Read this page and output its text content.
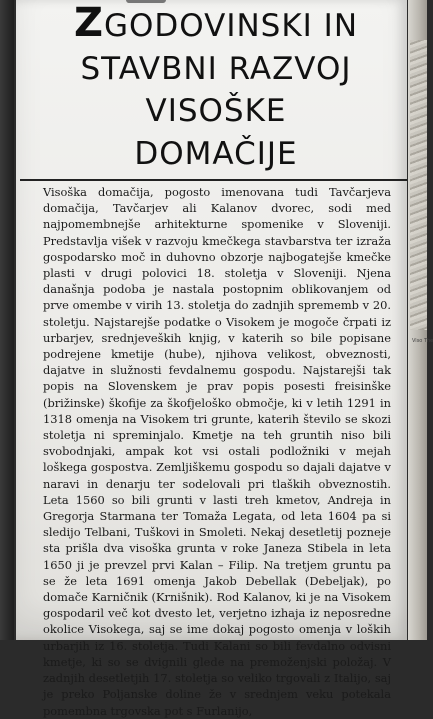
ZGODOVINSKI IN
STAVBNI RAZVOJ
VISOŠKE
DOMAČIJE

Visoška domačija, pogosto imenovana tudi Tavčarjeva domačija, Tavčarjev ali Kalanov dvorec, sodi med najpomembnejše arhitekturne spomenike v Sloveniji. Predstavlja višek v razvoju kmečkega stavbarstva ter izraža gospodarsko moč in duhovno obzorje najbogatejše kmečke plasti v drugi polovici 18. stoletja v Sloveniji. Njena današnja podoba je nastala postopnim oblikovanjem od prve omembe v virih 13. stoletja do zadnjih sprememb v 20. stoletju. Najstarejše podatke o Visokem je mogoče črpati iz urbarjev, srednjeveških knjig, v katerih so bile popisane podrejene kmetije (hube), njihova velikost, obveznosti, dajatve in služnosti fevdalnemu gospodu. Najstarejši tak popis na Slovenskem je prav popis posesti freisinške (brižinske) škofije za škofjeloško območje, ki v letih 1291 in 1318 omenja na Visokem tri grunte, katerih število se skozi stoletja ni spreminjalo. Kmetje na teh gruntih niso bili svobodnjaki, ampak kot vsi ostali podložniki v mejah loškega gospostva. Zemljiškemu gospodu so dajali dajatve v naravi in denarju ter sodelovali pri tlaških obveznostih. Leta 1560 so bili grunti v lasti treh kmetov, Andreja in Gregorja Starmana ter Tomaža Legata, od leta 1604 pa si sledijo Telbani, Tuškovi in Smoleti. Nekaj desetletij pozneje sta prišla dva visoška grunta v roke Janeza Stibela in leta 1650 ji je prevzel prvi Kalan – Filip. Na tretjem gruntu pa se že leta 1691 omenja Jakob Debellak (Debeljak), po domače Karničnik (Krnišnik). Rod Kalanov, ki je na Visokem gospodaril več kot dvesto let, verjetno izhaja iz neposredne okolice Visokega, saj se ime dokaj pogosto omenja v loških urbarjih iz 16. stoletja. Tudi Kalani so bili fevdalno odvisni kmetje, ki so se dvignili glede na premoženjski položaj. V zadnjih desetletjih 17. stoletja so veliko trgovali z Italijo, saj je preko Poljanske doline že v srednjem veku potekala pomembna trgovska pot s Furlanijo,

Viso The
